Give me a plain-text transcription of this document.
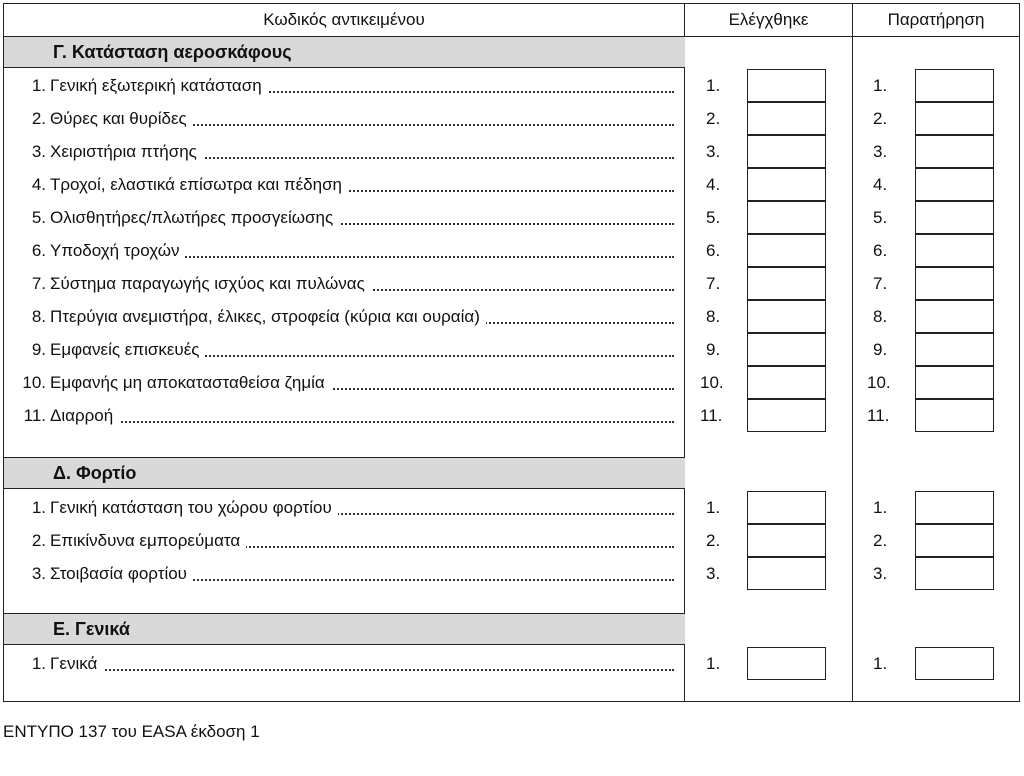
Κωδικός αντικειμένου	Ελέγχθηκε	Παρατήρηση
Γ. Κατάσταση αεροσκάφους
1. Γενική εξωτερική κατάσταση	1.	1.
2. Θύρες και θυρίδες	2.	2.
3. Χειριστήρια πτήσης	3.	3.
4. Τροχοί, ελαστικά επίσωτρα και πέδηση	4.	4.
5. Ολισθητήρες/πλωτήρες προσγείωσης	5.	5.
6. Υποδοχή τροχών	6.	6.
7. Σύστημα παραγωγής ισχύος και πυλώνας	7.	7.
8. Πτερύγια ανεμιστήρα, έλικες, στροφεία (κύρια και ουραία)	8.	8.
9. Εμφανείς επισκευές	9.	9.
10. Εμφανής μη αποκατασταθείσα ζημία	10.	10.
11. Διαρροή	11.	11.
Δ. Φορτίο
1. Γενική κατάσταση του χώρου φορτίου	1.	1.
2. Επικίνδυνα εμπορεύματα	2.	2.
3. Στοιβασία φορτίου	3.	3.
Ε. Γενικά
1. Γενικά	1.	1.
ΕΝΤΥΠΟ 137 του EASA έκδοση 1
